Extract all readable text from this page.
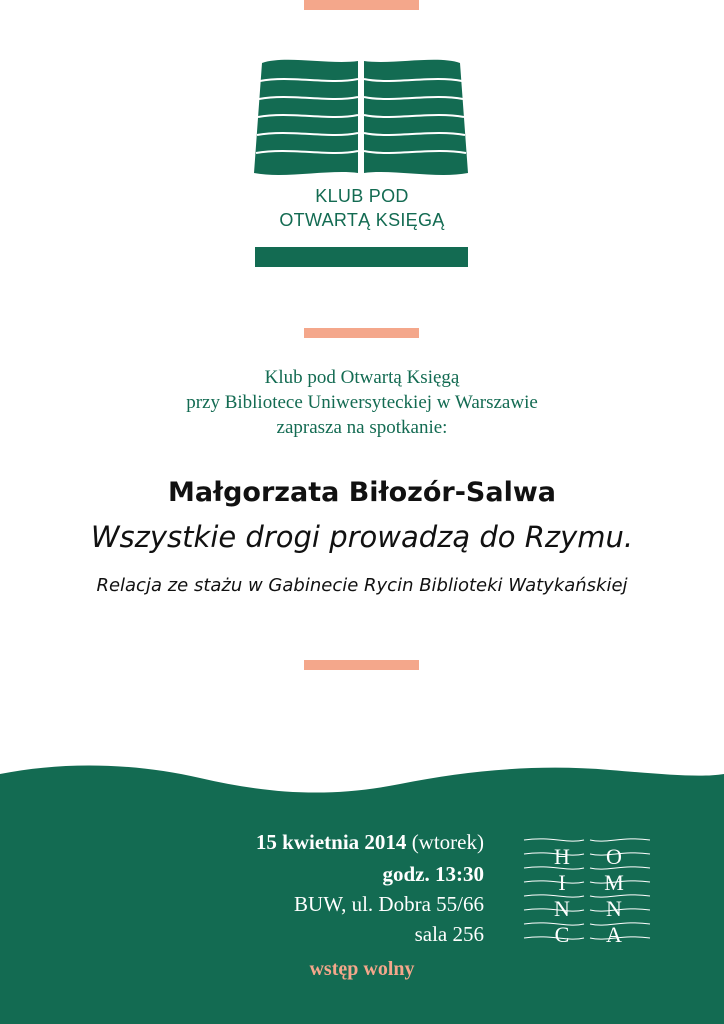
KLUB POD
OTWARTĄ KSIĘGĄ
Klub pod Otwartą Księgą
przy Bibliotece Uniwersyteckiej w Warszawie
zaprasza na spotkanie:
Małgorzata Biłozór-Salwa
Wszystkie drogi prowadzą do Rzymu.
Relacja ze stażu w Gabinecie Rycin Biblioteki Watykańskiej
15 kwietnia 2014 (wtorek)
godz. 13:30
BUW, ul. Dobra 55/66
sala 256
wstęp wolny
H
I
N
C
O
M
N
A
